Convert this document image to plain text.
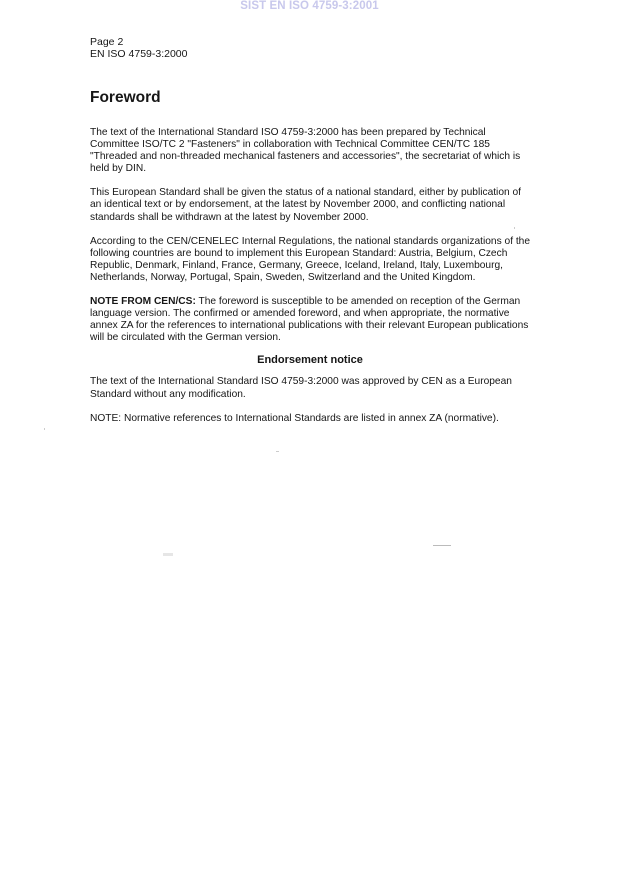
SIST EN ISO 4759-3:2001

Page 2

EN ISO 4759-3:2000

Foreword

The text of the International Standard ISO 4759-3:2000 has been prepared by Technical Committee ISO/TC 2 "Fasteners" in collaboration with Technical Committee CEN/TC 185 "Threaded and non-threaded mechanical fasteners and accessories", the secretariat of which is held by DIN.

This European Standard shall be given the status of a national standard, either by publication of an identical text or by endorsement, at the latest by November 2000, and conflicting national standards shall be withdrawn at the latest by November 2000.

According to the CEN/CENELEC Internal Regulations, the national standards organizations of the following countries are bound to implement this European Standard: Austria, Belgium, Czech Republic, Denmark, Finland, France, Germany, Greece, Iceland, Ireland, Italy, Luxembourg, Netherlands, Norway, Portugal, Spain, Sweden, Switzerland and the United Kingdom.

NOTE FROM CEN/CS: The foreword is susceptible to be amended on reception of the German language version. The confirmed or amended foreword, and when appropriate, the normative annex ZA for the references to international publications with their relevant European publications will be circulated with the German version.

Endorsement notice

The text of the International Standard ISO 4759-3:2000 was approved by CEN as a European Standard without any modification.

NOTE: Normative references to International Standards are listed in annex ZA (normative).
